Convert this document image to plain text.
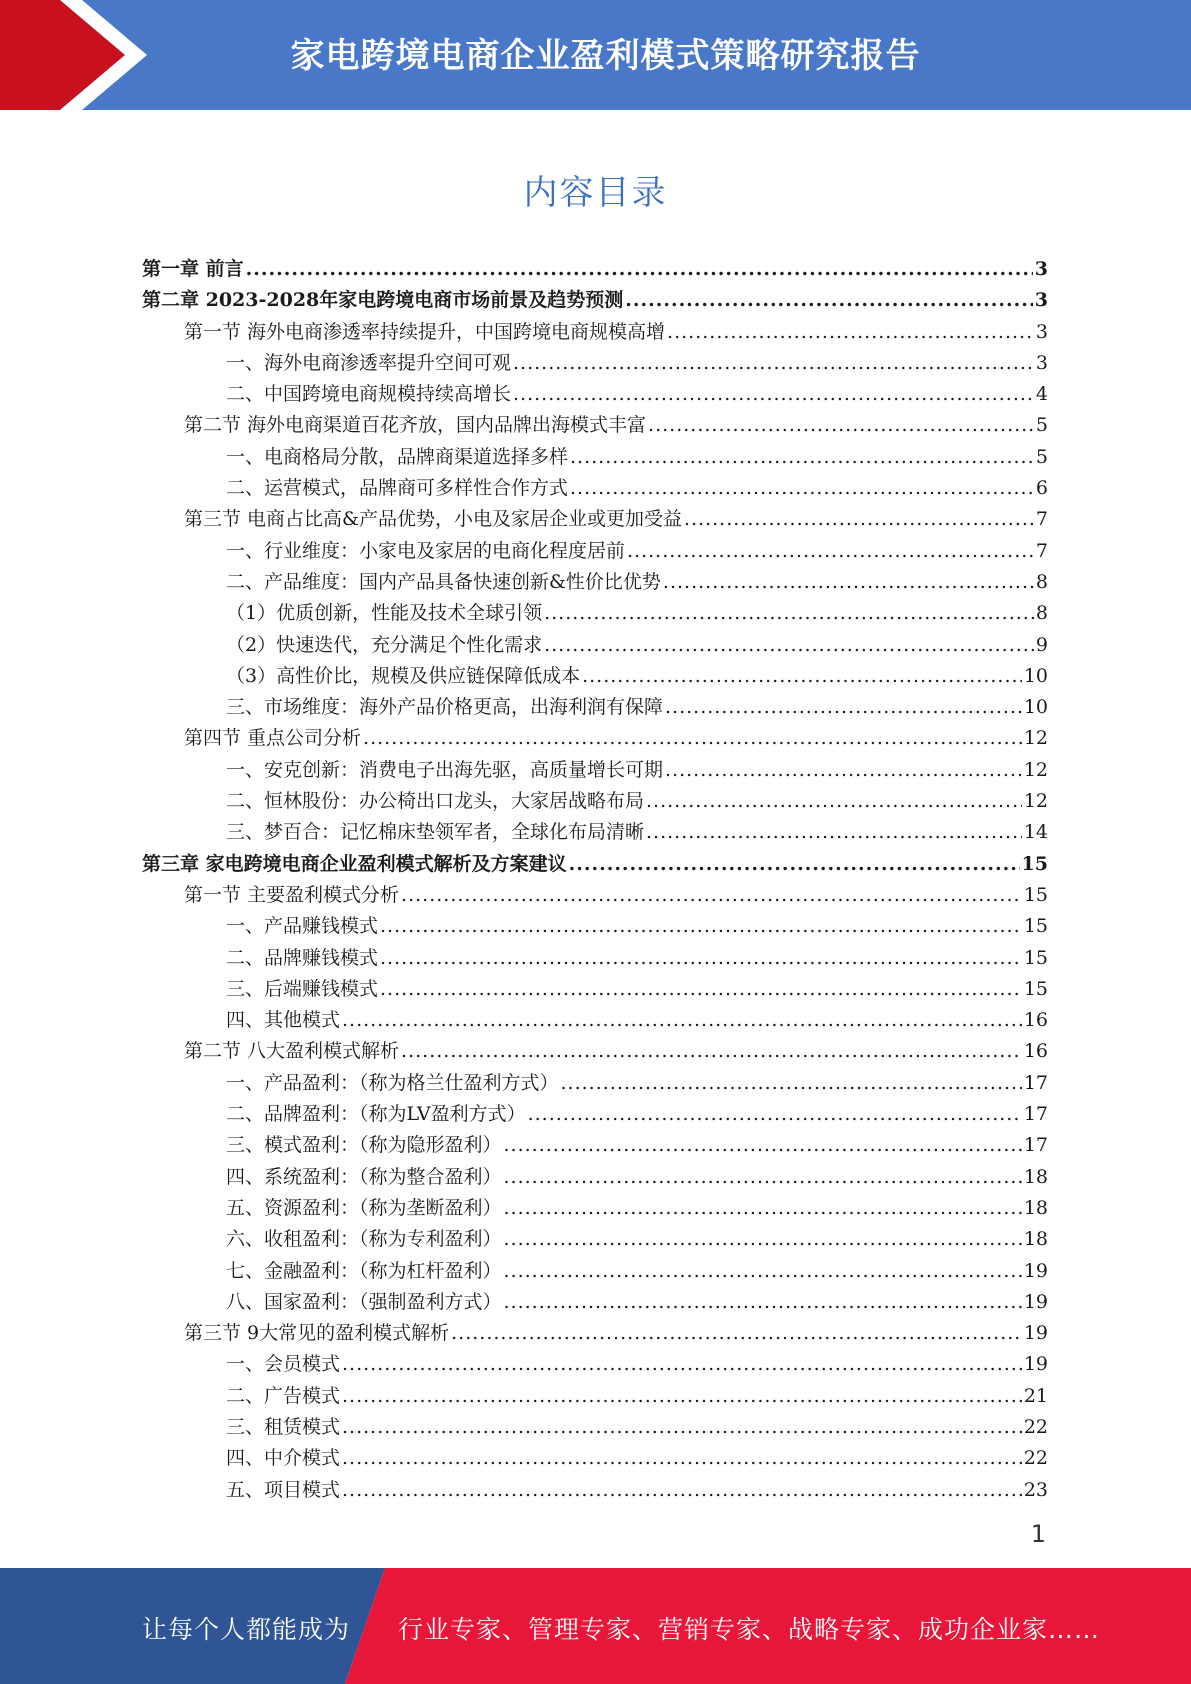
家电跨境电商企业盈利模式策略研究报告
内容目录
第一章 前言 .....	3
第二章 2023-2028年家电跨境电商市场前景及趋势预测 .....	3
第一节 海外电商渗透率持续提升，中国跨境电商规模高增 .....	3
一、海外电商渗透率提升空间可观 .....	3
二、中国跨境电商规模持续高增长 .....	4
第二节 海外电商渠道百花齐放，国内品牌出海模式丰富 .....	5
一、电商格局分散，品牌商渠道选择多样 .....	5
二、运营模式，品牌商可多样性合作方式 .....	6
第三节 电商占比高&产品优势，小电及家居企业或更加受益 .....	7
一、行业维度：小家电及家居的电商化程度居前 .....	7
二、产品维度：国内产品具备快速创新&性价比优势 .....	8
（1）优质创新，性能及技术全球引领 .....	8
（2）快速迭代，充分满足个性化需求 .....	9
（3）高性价比，规模及供应链保障低成本 .....	10
三、市场维度：海外产品价格更高，出海利润有保障 .....	10
第四节 重点公司分析 .....	12
一、安克创新：消费电子出海先驱，高质量增长可期 .....	12
二、恒林股份：办公椅出口龙头，大家居战略布局 .....	12
三、梦百合：记忆棉床垫领军者，全球化布局清晰 .....	14
第三章 家电跨境电商企业盈利模式解析及方案建议 .....	15
第一节 主要盈利模式分析 .....	15
一、产品赚钱模式 .....	15
二、品牌赚钱模式 .....	15
三、后端赚钱模式 .....	15
四、其他模式 .....	16
第二节 八大盈利模式解析 .....	16
一、产品盈利：（称为格兰仕盈利方式） .....	17
二、品牌盈利：（称为LV盈利方式） .....	17
三、模式盈利：（称为隐形盈利） .....	17
四、系统盈利：（称为整合盈利） .....	18
五、资源盈利：（称为垄断盈利） .....	18
六、收租盈利：（称为专利盈利） .....	18
七、金融盈利：（称为杠杆盈利） .....	19
八、国家盈利：（强制盈利方式） .....	19
第三节 9大常见的盈利模式解析 .....	19
一、会员模式 .....	19
二、广告模式 .....	21
三、租赁模式 .....	22
四、中介模式 .....	22
五、项目模式 .....	23
1
让每个人都能成为 行业专家、管理专家、营销专家、战略专家、成功企业家……
